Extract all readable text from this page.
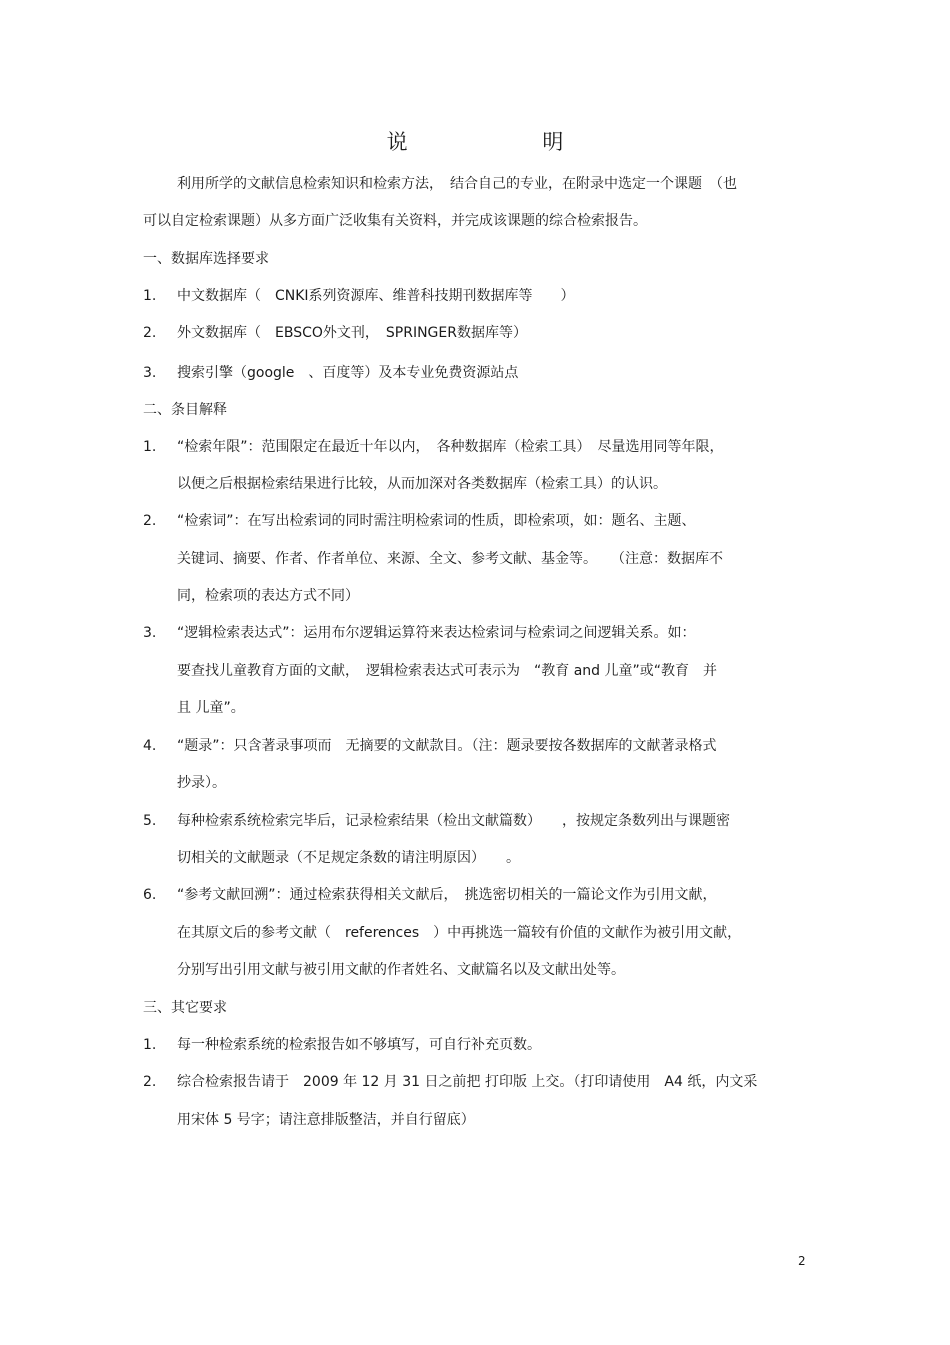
说 明
利用所学的文献信息检索知识和检索方法，　结合自己的专业，在附录中选定一个课题　（也
可以自定检索课题）从多方面广泛收集有关资料，并完成该课题的综合检索报告。
一、数据库选择要求
1. 中文数据库（　CNKI系列资源库、维普科技期刊数据库等　　）
2. 外文数据库（　EBSCO外文刊，　SPRINGER数据库等）
3. 搜索引擎（google　、百度等）及本专业免费资源站点
二、条目解释
1. “检索年限”：范围限定在最近十年以内，　各种数据库（检索工具）　尽量选用同等年限，
以便之后根据检索结果进行比较，从而加深对各类数据库（检索工具）的认识。
2. “检索词”：在写出检索词的同时需注明检索词的性质，即检索项，如：题名、主题、
关键词、摘要、作者、作者单位、来源、全文、参考文献、基金等。　　（注意：数据库不
同，检索项的表达方式不同）
3. “逻辑检索表达式”：运用布尔逻辑运算符来表达检索词与检索词之间逻辑关系。如：
要查找儿童教育方面的文献，　逻辑检索表达式可表示为　“教育 and 儿童”或“教育　并
且 儿童”。
4. “题录”：只含著录事项而　无摘要的文献款目。（注：题录要按各数据库的文献著录格式
抄录）。
5. 每种检索系统检索完毕后，记录检索结果（检出文献篇数）　　，按规定条数列出与课题密
切相关的文献题录（不足规定条数的请注明原因）　　。
6. “参考文献回溯”：通过检索获得相关文献后，　挑选密切相关的一篇论文作为引用文献，
在其原文后的参考文献（　references　）中再挑选一篇较有价值的文献作为被引用文献，
分别写出引用文献与被引用文献的作者姓名、文献篇名以及文献出处等。
三、其它要求
1. 每一种检索系统的检索报告如不够填写，可自行补充页数。
2. 综合检索报告请于　2009 年 12 月 31 日之前把 打印版 上交。（打印请使用　A4 纸，内文采
用宋体 5 号字；请注意排版整洁，并自行留底）
2
